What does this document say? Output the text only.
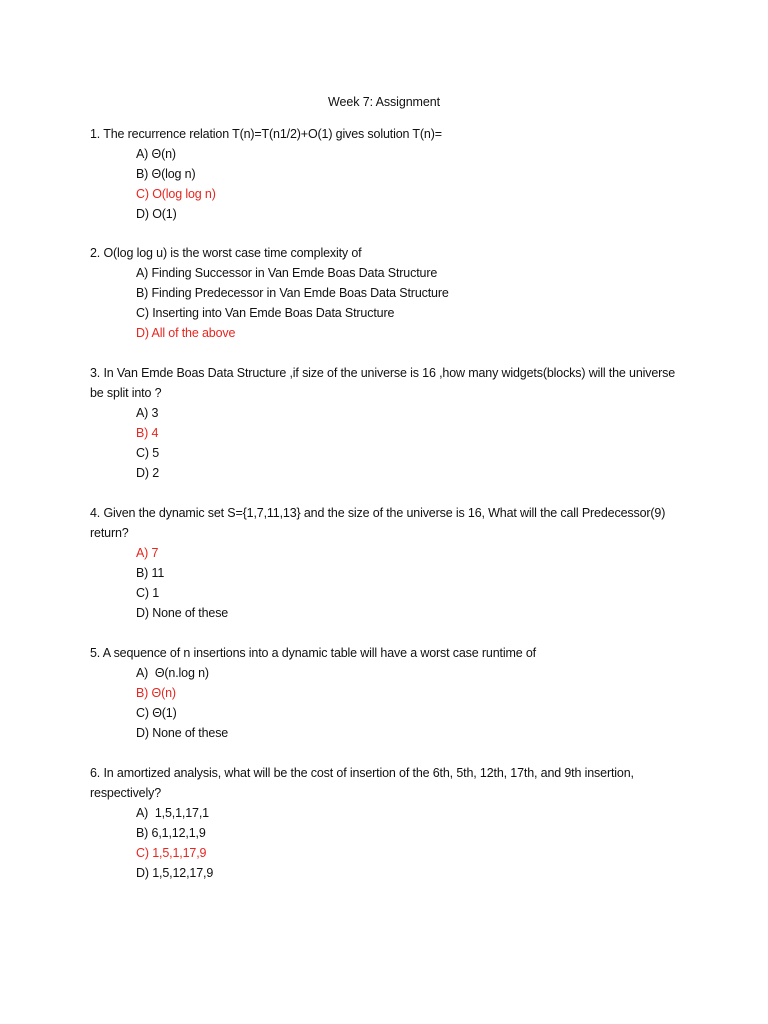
Week 7: Assignment
1. The recurrence relation T(n)=T(n1/2)+O(1) gives solution T(n)=
A) Θ(n)
B) Θ(log n)
C) O(log log n)
D) O(1)
2. O(log log u) is the worst case time complexity of
A) Finding Successor in Van Emde Boas Data Structure
B) Finding Predecessor in Van Emde Boas Data Structure
C) Inserting into Van Emde Boas Data Structure
D) All of the above
3. In Van Emde Boas Data Structure ,if size of the universe is 16 ,how many widgets(blocks) will the universe be split into ?
A) 3
B) 4
C) 5
D) 2
4. Given the dynamic set S={1,7,11,13} and the size of the universe is 16, What will the call Predecessor(9) return?
A) 7
B) 11
C) 1
D) None of these
5. A sequence of n insertions into a dynamic table will have a worst case runtime of
A)  Θ(n.log n)
B) Θ(n)
C) Θ(1)
D) None of these
6. In amortized analysis, what will be the cost of insertion of the 6th, 5th, 12th, 17th, and 9th insertion, respectively?
A)  1,5,1,17,1
B) 6,1,12,1,9
C) 1,5,1,17,9
D) 1,5,12,17,9
